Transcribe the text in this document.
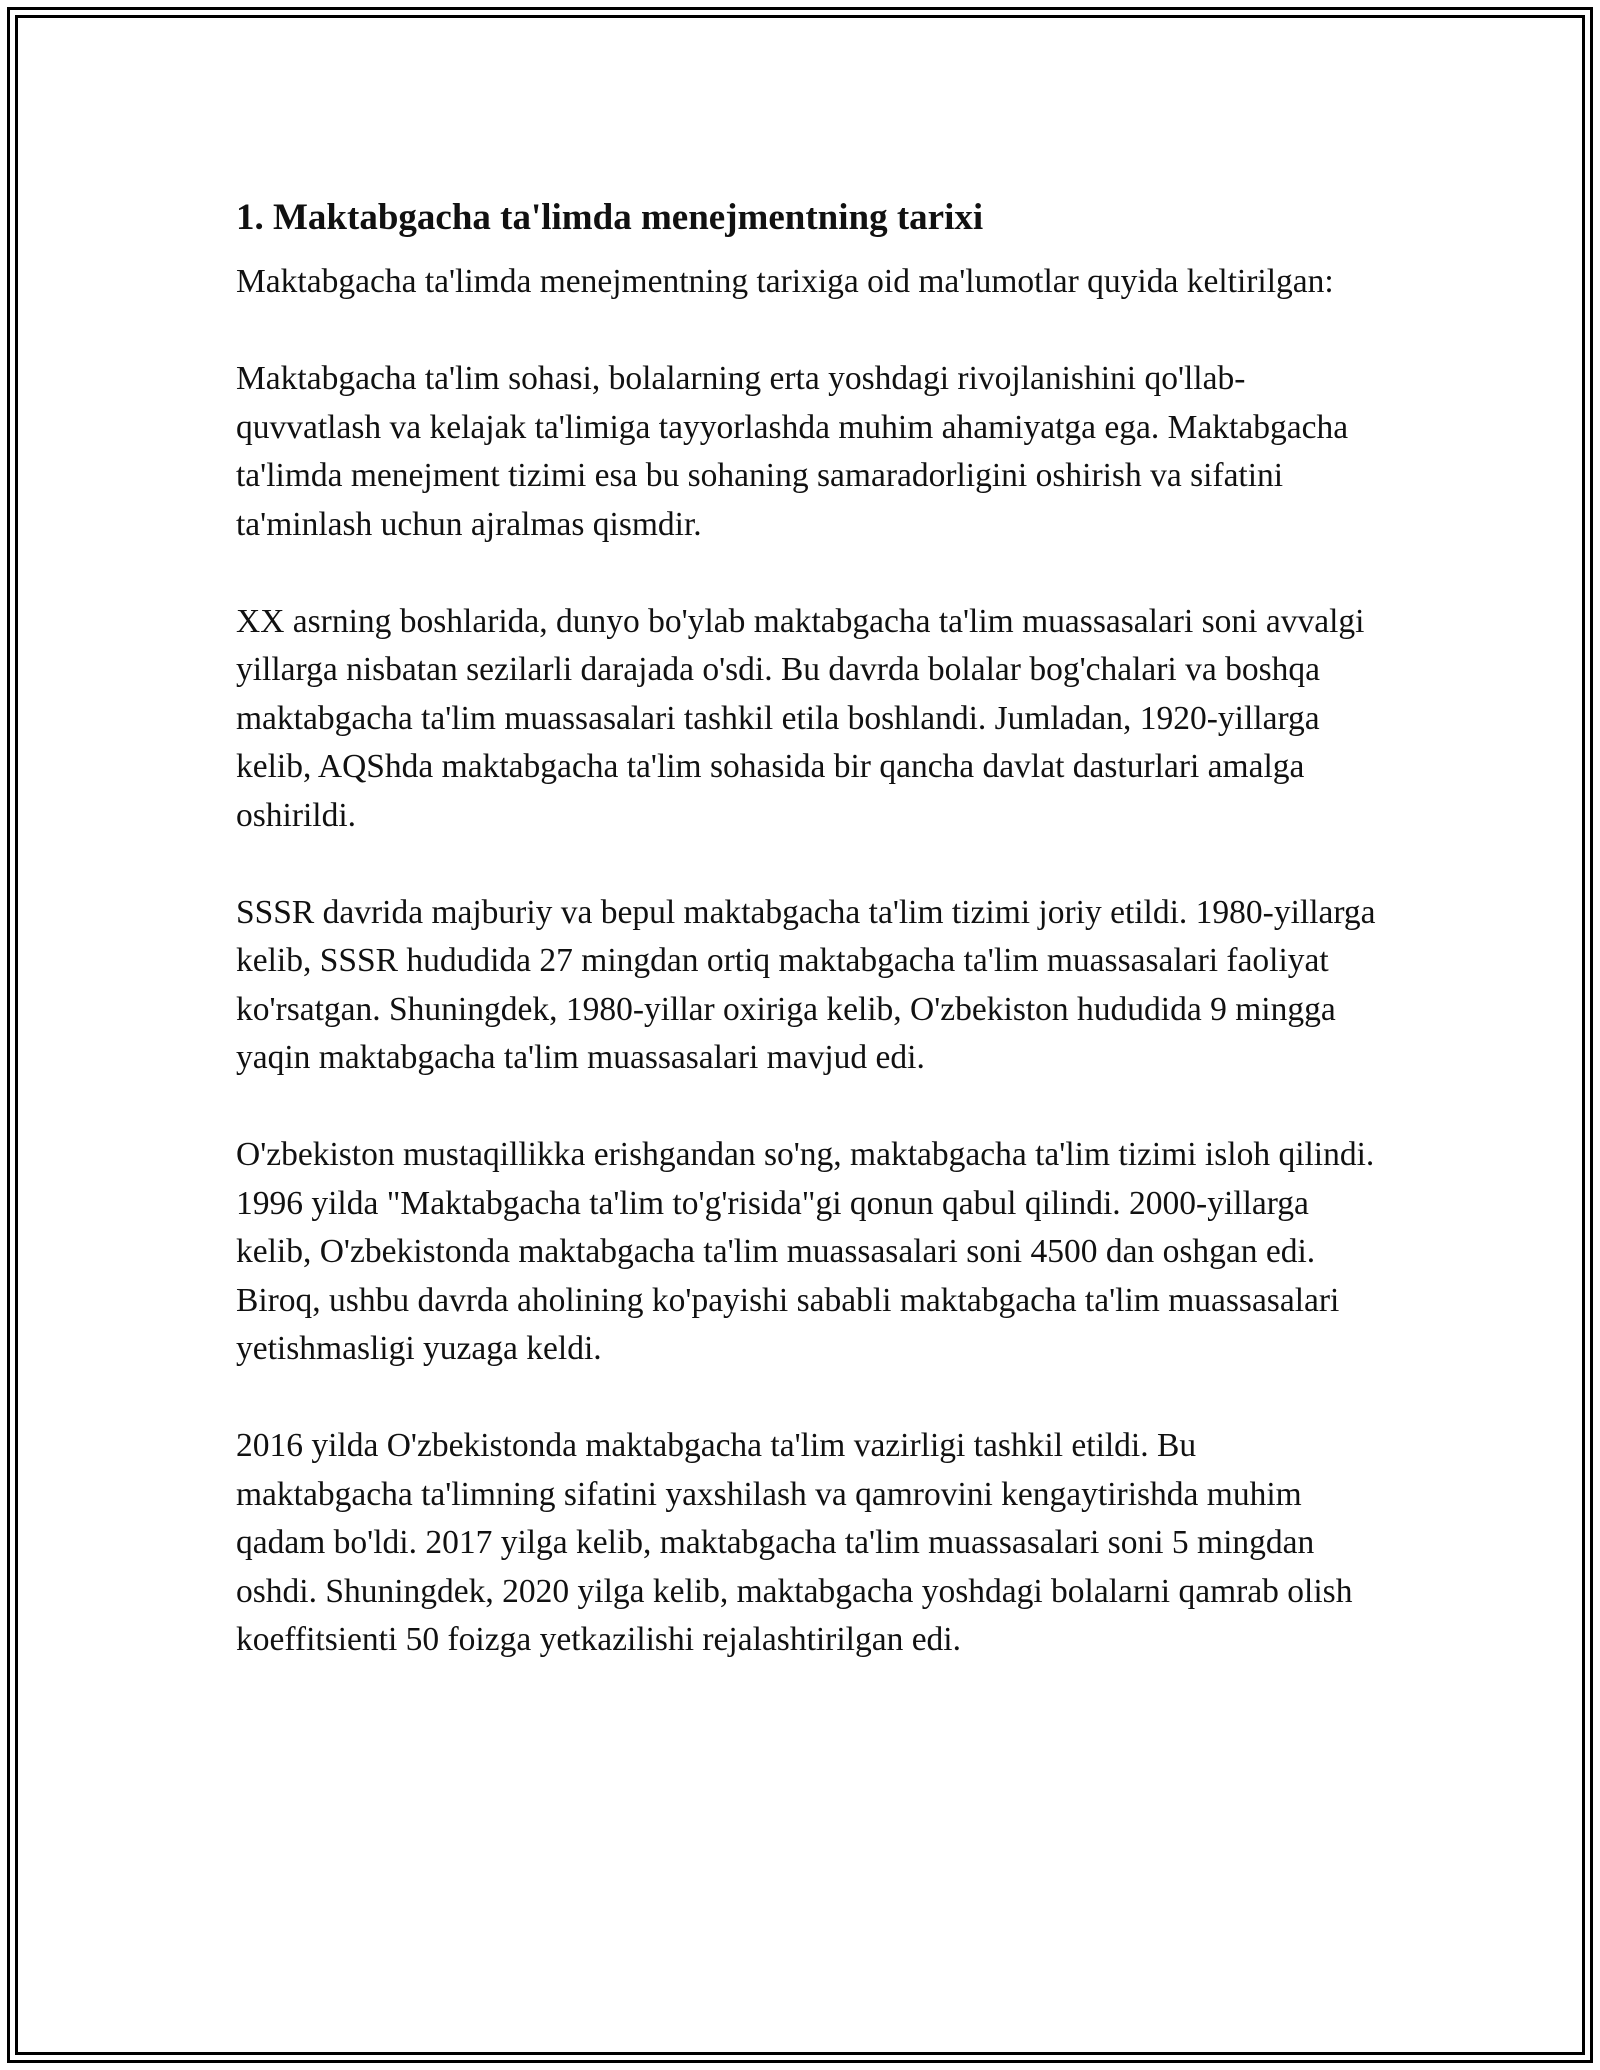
1. Maktabgacha ta'limda menejmentning tarixi

Maktabgacha ta'limda menejmentning tarixiga oid ma'lumotlar quyida keltirilgan:

Maktabgacha ta'lim sohasi, bolalarning erta yoshdagi rivojlanishini qo'llab-quvvatlash va kelajak ta'limiga tayyorlashda muhim ahamiyatga ega. Maktabgacha ta'limda menejment tizimi esa bu sohaning samaradorligini oshirish va sifatini ta'minlash uchun ajralmas qismdir.

XX asrning boshlarida, dunyo bo'ylab maktabgacha ta'lim muassasalari soni avvalgi yillarga nisbatan sezilarli darajada o'sdi. Bu davrda bolalar bog'chalari va boshqa maktabgacha ta'lim muassasalari tashkil etila boshlandi. Jumladan, 1920-yillarga kelib, AQShda maktabgacha ta'lim sohasida bir qancha davlat dasturlari amalga oshirildi.

SSSR davrida majburiy va bepul maktabgacha ta'lim tizimi joriy etildi. 1980-yillarga kelib, SSSR hududida 27 mingdan ortiq maktabgacha ta'lim muassasalari faoliyat ko'rsatgan. Shuningdek, 1980-yillar oxiriga kelib, O'zbekiston hududida 9 mingga yaqin maktabgacha ta'lim muassasalari mavjud edi.

O'zbekiston mustaqillikka erishgandan so'ng, maktabgacha ta'lim tizimi isloh qilindi. 1996 yilda "Maktabgacha ta'lim to'g'risida"gi qonun qabul qilindi. 2000-yillarga kelib, O'zbekistonda maktabgacha ta'lim muassasalari soni 4500 dan oshgan edi. Biroq, ushbu davrda aholining ko'payishi sababli maktabgacha ta'lim muassasalari yetishmasligi yuzaga keldi.

2016 yilda O'zbekistonda maktabgacha ta'lim vazirligi tashkil etildi. Bu maktabgacha ta'limning sifatini yaxshilash va qamrovini kengaytirishda muhim qadam bo'ldi. 2017 yilga kelib, maktabgacha ta'lim muassasalari soni 5 mingdan oshdi. Shuningdek, 2020 yilga kelib, maktabgacha yoshdagi bolalarni qamrab olish koeffitsienti 50 foizga yetkazilishi rejalashtirilgan edi.
